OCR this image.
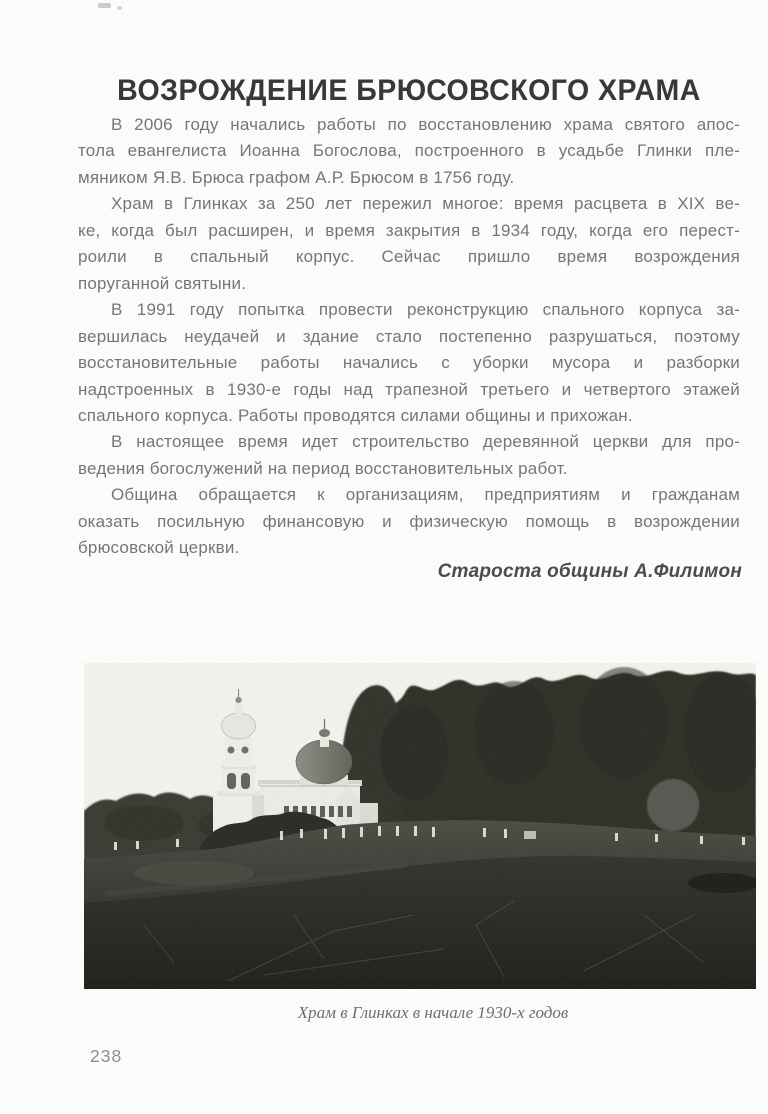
ВОЗРОЖДЕНИЕ БРЮСОВСКОГО ХРАМА
В 2006 году начались работы по восстановлению храма святого апос-
тола евангелиста Иоанна Богослова, построенного в усадьбе Глинки пле-
мяником Я.В. Брюса графом А.Р. Брюсом в 1756 году.
Храм в Глинках за 250 лет пережил многое: время расцвета в XIX ве-
ке, когда был расширен, и время закрытия в 1934 году, когда его перест-
роили в спальный корпус. Сейчас пришло время возрождения
поруганной святыни.
В 1991 году попытка провести реконструкцию спального корпуса за-
вершилась неудачей и здание стало постепенно разрушаться, поэтому
восстановительные работы начались с уборки мусора и разборки
надстроенных в 1930-е годы над трапезной третьего и четвертого этажей
спального корпуса. Работы проводятся силами общины и прихожан.
В настоящее время идет строительство деревянной церкви для про-
ведения богослужений на период восстановительных работ.
Община обращается к организациям, предприятиям и гражданам
оказать посильную финансовую и физическую помощь в возрождении
брюсовской церкви.
Староста общины А.Филимон
Храм в Глинках в начале 1930-х годов
238
